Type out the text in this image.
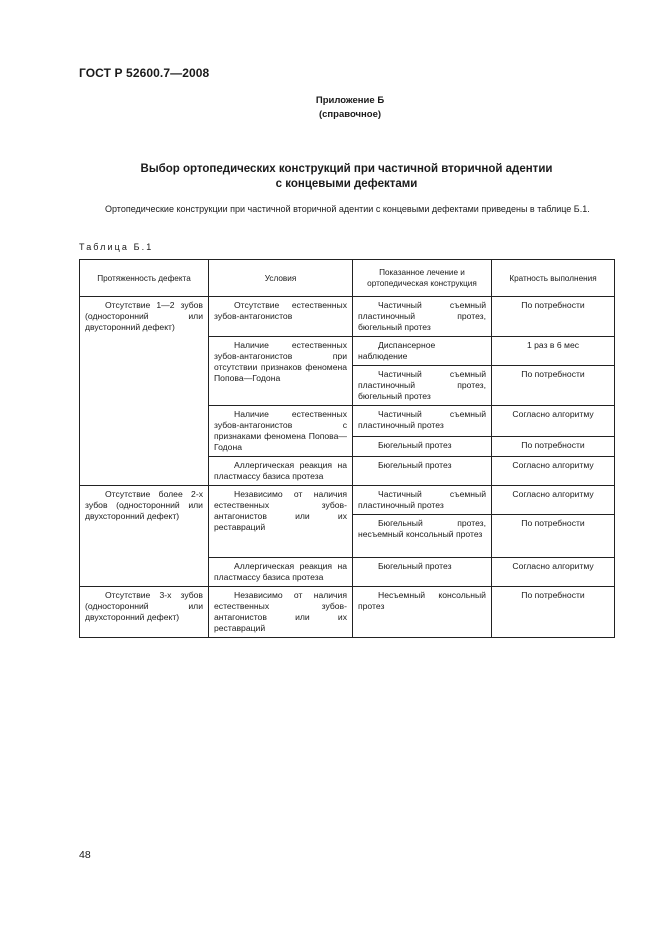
ГОСТ Р 52600.7—2008
Приложение Б
(справочное)
Выбор ортопедических конструкций при частичной вторичной адентии
с концевыми дефектами
Ортопедические конструкции при частичной вторичной адентии с концевыми дефектами приведены в таблице Б.1.
Таблица Б.1
Протяженность дефекта	Условия	Показанное лечение и ортопедическая конструкция	Кратность выполнения
Отсутствие 1—2 зубов (односторонний или двусторонний дефект)	Отсутствие естественных зубов-антагонистов	Частичный съемный пластиночный протез, бюгельный протез	По потребности
	Наличие естественных зубов-антагонистов при отсутствии признаков феномена Попова—Годона	Диспансерное наблюдение	1 раз в 6 мес
		Частичный съемный пластиночный протез, бюгельный протез	По потребности
	Наличие естественных зубов-антагонистов с признаками феномена Попова—Годона	Частичный съемный пластиночный протез	Согласно алгоритму
		Бюгельный протез	По потребности
	Аллергическая реакция на пластмассу базиса протеза	Бюгельный протез	Согласно алгоритму
Отсутствие более 2-х зубов (односторонний или двухсторонний дефект)	Независимо от наличия естественных зубов-антагонистов или их реставраций	Частичный съемный пластиночный протез	Согласно алгоритму
		Бюгельный протез, несъемный консольный протез	По потребности
	Аллергическая реакция на пластмассу базиса протеза	Бюгельный протез	Согласно алгоритму
Отсутствие 3-х зубов (односторонний или двухсторонний дефект)	Независимо от наличия естественных зубов-антагонистов или их реставраций	Несъемный консольный протез	По потребности
48
